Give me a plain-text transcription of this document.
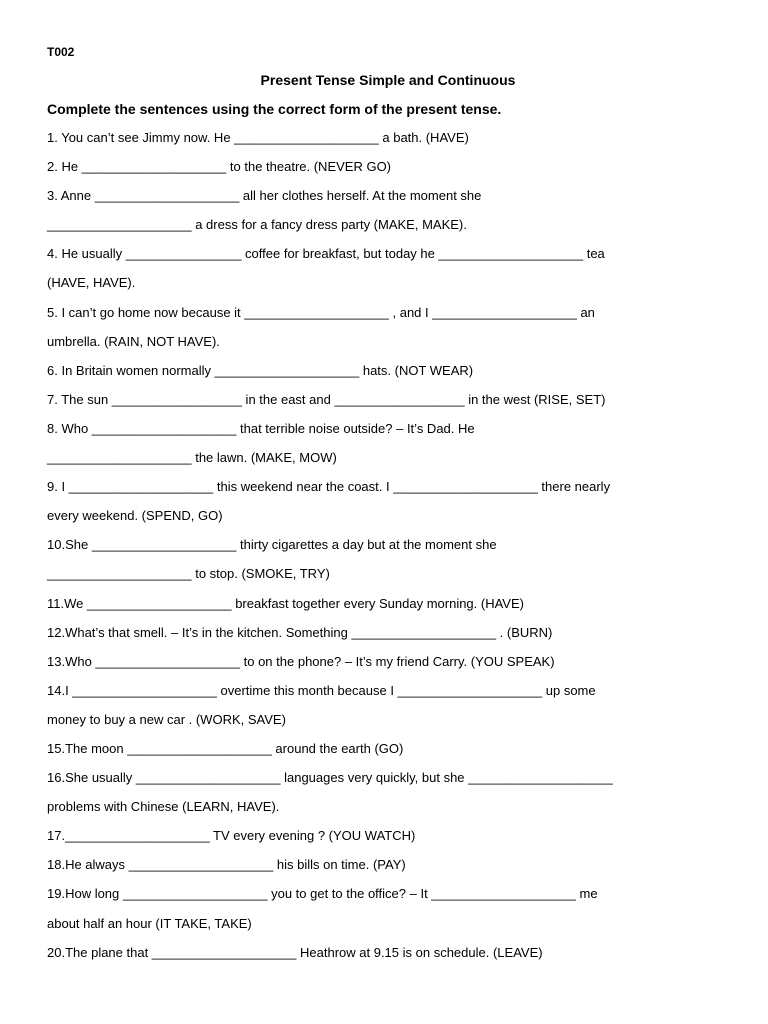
T002
Present Tense Simple and Continuous
Complete the sentences using the correct form of the present tense.
1. You can’t see Jimmy now. He ____________________ a bath. (HAVE)
2. He ____________________ to the theatre. (NEVER GO)
3. Anne ____________________ all her clothes herself. At the moment she
____________________ a dress for a fancy dress party (MAKE, MAKE).
4. He usually ________________ coffee for breakfast, but today he ____________________ tea
(HAVE, HAVE).
5. I can’t go home now because it ____________________ , and I ____________________ an
umbrella. (RAIN, NOT HAVE).
6. In Britain women normally ____________________ hats. (NOT WEAR)
7. The sun __________________ in the east and __________________ in the west (RISE, SET)
8. Who ____________________ that terrible noise outside? – It’s Dad. He
____________________ the lawn. (MAKE, MOW)
9. I ____________________ this weekend near the coast. I ____________________ there nearly
every weekend. (SPEND, GO)
10.She ____________________ thirty cigarettes a day but at the moment she
____________________ to stop. (SMOKE, TRY)
11.We ____________________ breakfast together every Sunday morning. (HAVE)
12.What’s that smell. – It’s in the kitchen. Something ____________________ . (BURN)
13.Who ____________________ to on the phone? – It’s my friend Carry. (YOU SPEAK)
14.I ____________________ overtime this month because I ____________________ up some
money to buy a new car . (WORK, SAVE)
15.The moon ____________________ around the earth (GO)
16.She usually ____________________ languages very quickly, but she ____________________
problems with Chinese (LEARN, HAVE).
17.____________________ TV every evening ? (YOU WATCH)
18.He always ____________________ his bills on time. (PAY)
19.How long ____________________ you to get to the office? – It ____________________ me
about half an hour (IT TAKE, TAKE)
20.The plane that ____________________ Heathrow at 9.15 is on schedule. (LEAVE)
